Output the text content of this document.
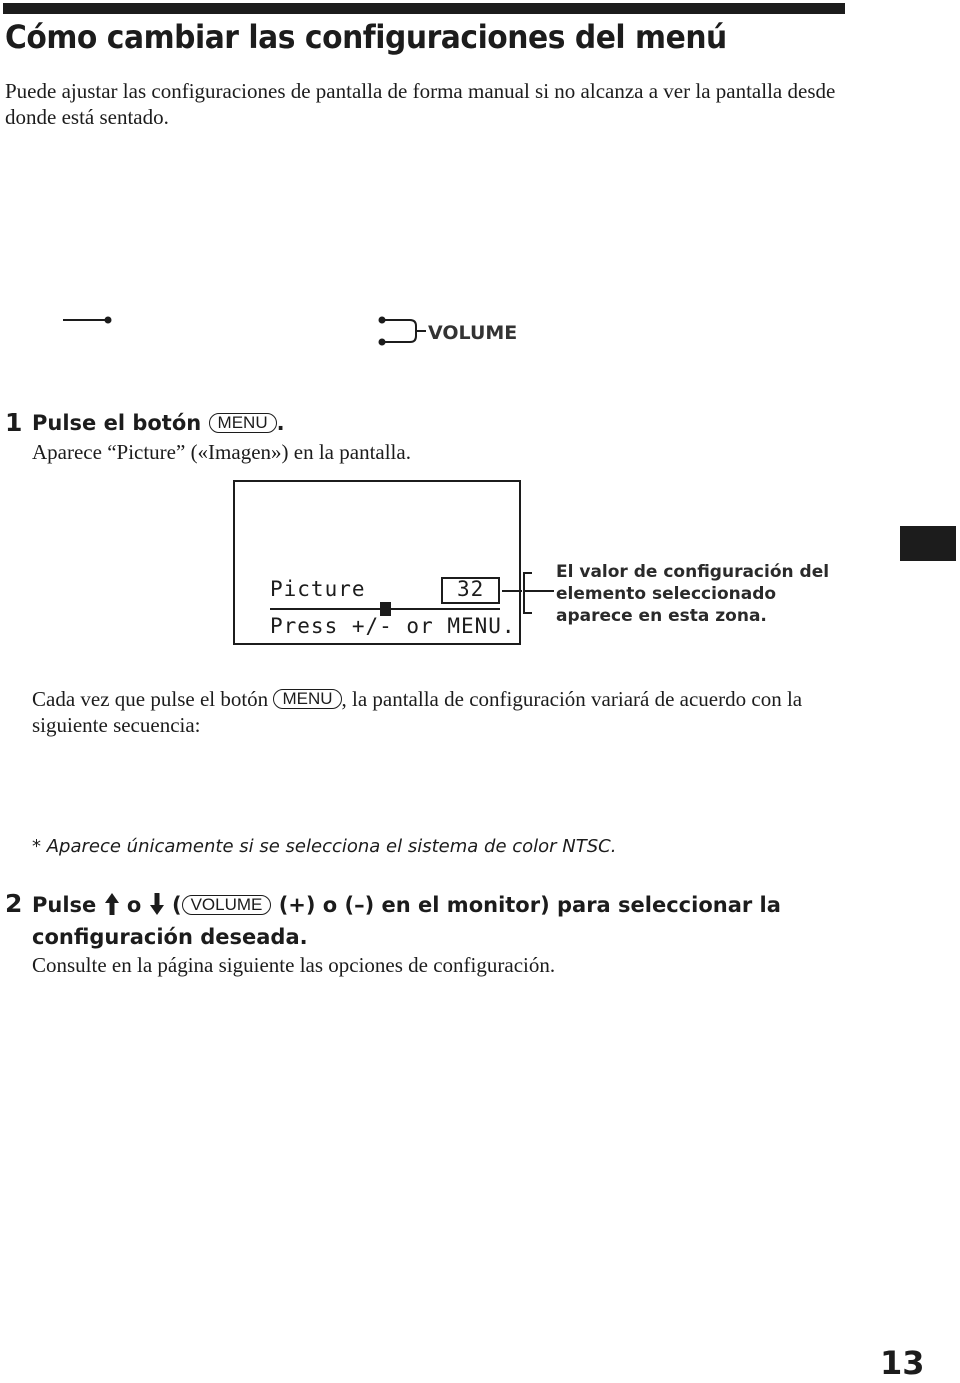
Cómo cambiar las configuraciones del menú
Puede ajustar las configuraciones de pantalla de forma manual si no alcanza a ver la pantalla desde donde está sentado.
VOLUME
1 Pulse el botón MENU .
Aparece “Picture” («Imagen») en la pantalla.
Picture	32
Press +/- or MENU.
El valor de configuración del elemento seleccionado aparece en esta zona.
Cada vez que pulse el botón MENU , la pantalla de configuración variará de acuerdo con la siguiente secuencia:
* Aparece únicamente si se selecciona el sistema de color NTSC.
2 Pulse o ( VOLUME (+) o (–) en el monitor) para seleccionar la
configuración deseada.
Consulte en la página siguiente las opciones de configuración.
13
